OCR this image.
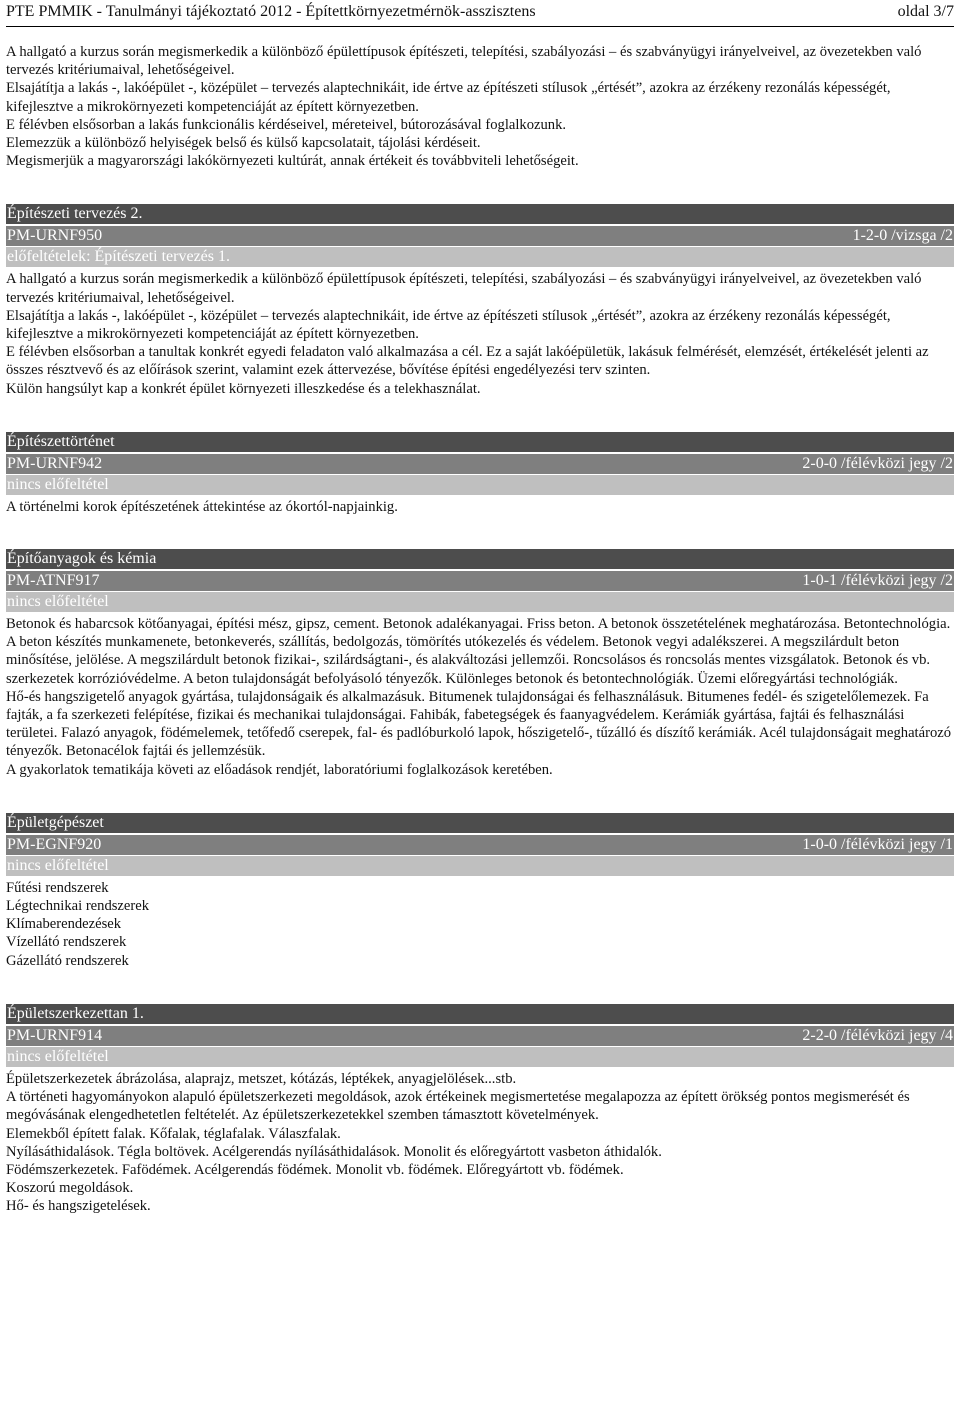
PTE PMMIK - Tanulmányi tájékoztató 2012 - Építettkörnyezetmérnök-asszisztens	oldal 3/7

A hallgató a kurzus során megismerkedik a különböző épülettípusok építészeti, telepítési, szabályozási – és szabványügyi irányelveivel, az övezetekben való tervezés kritériumaival, lehetőségeivel.

Elsajátítja a lakás -, lakóépület -, középület – tervezés alaptechnikáit, ide értve az építészeti stílusok „értését”, azokra az érzékeny rezonálás képességét, kifejlesztve a mikrokörnyezeti kompetenciáját az épített környezetben.

E félévben elsősorban a lakás funkcionális kérdéseivel, méreteivel, bútorozásával foglalkozunk.

Elemezzük a különböző helyiségek belső és külső kapcsolatait, tájolási kérdéseit.

Megismerjük a magyarországi lakókörnyezeti kultúrát, annak értékeit és továbbviteli lehetőségeit.

Építészeti tervezés 2.
PM-URNF950	1-2-0 /vizsga /2
előfeltételek: Építészeti tervezés 1.

A hallgató a kurzus során megismerkedik a különböző épülettípusok építészeti, telepítési, szabályozási – és szabványügyi irányelveivel, az övezetekben való tervezés kritériumaival, lehetőségeivel.

Elsajátítja a lakás -, lakóépület -, középület – tervezés alaptechnikáit, ide értve az építészeti stílusok „értését”, azokra az érzékeny rezonálás képességét, kifejlesztve a mikrokörnyezeti kompetenciáját az épített környezetben.

E félévben elsősorban a tanultak konkrét egyedi feladaton való alkalmazása a cél. Ez a saját lakóépületük, lakásuk felmérését, elemzését, értékelését jelenti az összes résztvevő és az előírások szerint, valamint ezek áttervezése, bővítése építési engedélyezési terv szinten.

Külön hangsúlyt kap a konkrét épület környezeti illeszkedése és a telekhasználat.

Építészettörténet
PM-URNF942	2-0-0 /félévközi jegy /2
nincs előfeltétel

A történelmi korok építészetének áttekintése az ókortól-napjainkig.

Építőanyagok és kémia
PM-ATNF917	1-0-1 /félévközi jegy /2
nincs előfeltétel

Betonok és habarcsok kötőanyagai, építési mész, gipsz, cement. Betonok adalékanyagai. Friss beton. A betonok összetételének meghatározása. Betontechnológia. A beton készítés munkamenete, betonkeverés, szállítás, bedolgozás, tömörítés utókezelés és védelem. Betonok vegyi adalékszerei. A megszilárdult beton minősítése, jelölése. A megszilárdult betonok fizikai-, szilárdságtani-, és alakváltozási jellemzői. Roncsolásos és roncsolás mentes vizsgálatok. Betonok és vb. szerkezetek korrózióvédelme. A beton tulajdonságát befolyásoló tényezők. Különleges betonok és betontechnológiák. Üzemi előregyártási technológiák.

Hő-és hangszigetelő anyagok gyártása, tulajdonságaik és alkalmazásuk. Bitumenek tulajdonságai és felhasználásuk. Bitumenes fedél- és szigetelőlemezek. Fa fajták, a fa szerkezeti felépítése, fizikai és mechanikai tulajdonságai. Fahibák, fabetegségek és faanyagvédelem. Kerámiák gyártása, fajtái és felhasználási területei. Falazó anyagok, födémelemek, tetőfedő cserepek, fal- és padlóburkoló lapok, hőszigetelő-, tűzálló és díszítő kerámiák. Acél tulajdonságait meghatározó tényezők. Betonacélok fajtái és jellemzésük.

A gyakorlatok tematikája követi az előadások rendjét, laboratóriumi foglalkozások keretében.

Épületgépészet
PM-EGNF920	1-0-0 /félévközi jegy /1
nincs előfeltétel

Fűtési rendszerek

Légtechnikai rendszerek

Klímaberendezések

Vízellátó rendszerek

Gázellátó rendszerek

Épületszerkezettan 1.
PM-URNF914	2-2-0 /félévközi jegy /4
nincs előfeltétel

Épületszerkezetek ábrázolása, alaprajz, metszet, kótázás, léptékek, anyagjelölések...stb.

A történeti hagyományokon alapuló épületszerkezeti megoldások, azok értékeinek megismertetése megalapozza az épített örökség pontos megismerését és megóvásának elengedhetetlen feltételét. Az épületszerkezetekkel szemben támasztott követelmények.

Elemekből épített falak. Kőfalak, téglafalak. Válaszfalak.

Nyílásáthidalások. Tégla boltövek. Acélgerendás nyílásáthidalások. Monolit és előregyártott vasbeton áthidalók.

Födémszerkezetek. Fafödémek. Acélgerendás födémek. Monolit vb. födémek. Előregyártott vb. födémek.

Koszorú megoldások.

Hő- és hangszigetelések.
